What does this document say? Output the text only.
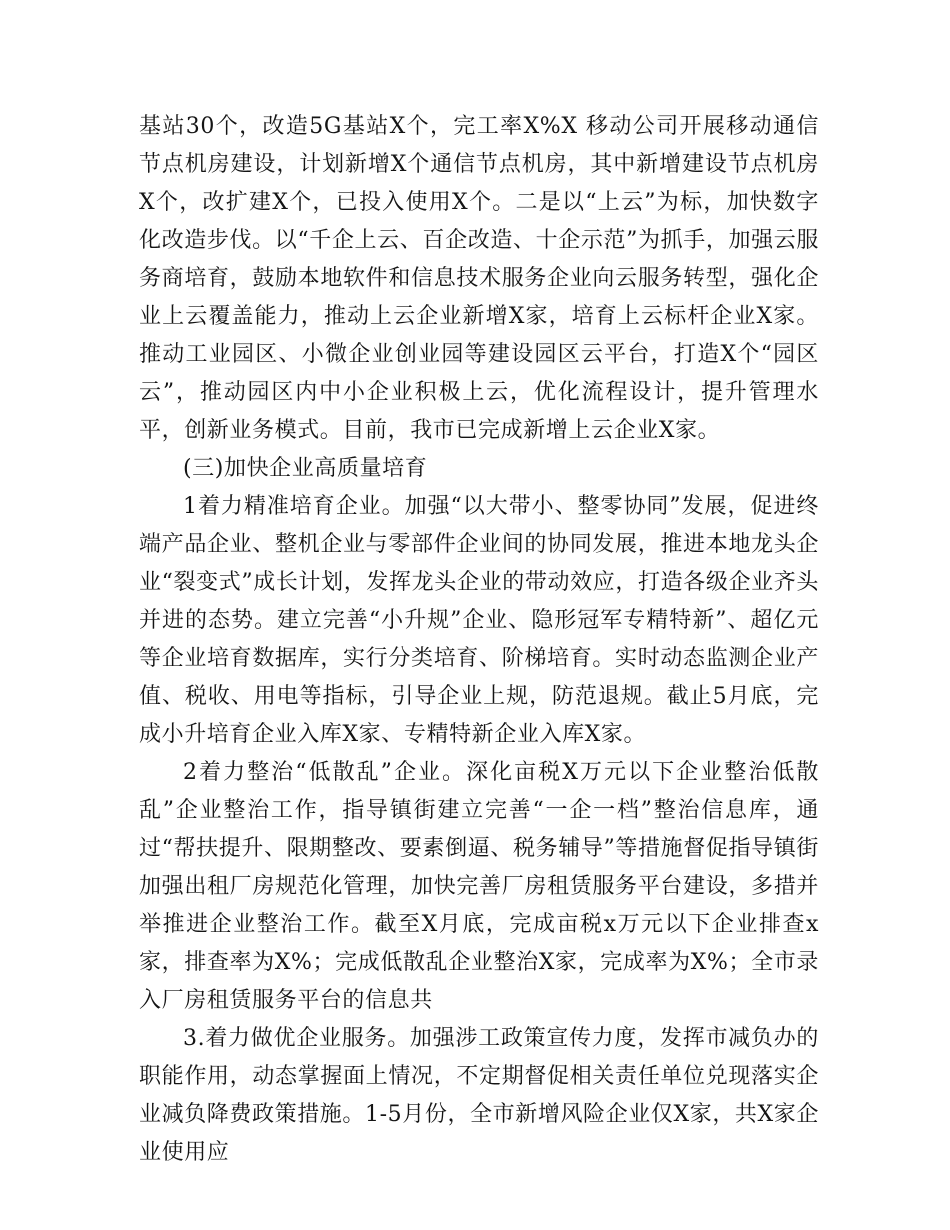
基站30个，改造5G基站X个，完工率X%X 移动公司开展移动通信节点机房建设，计划新增X个通信节点机房，其中新增建设节点机房X个，改扩建X个，已投入使用X个。二是以“上云”为标，加快数字化改造步伐。以“千企上云、百企改造、十企示范”为抓手，加强云服务商培育，鼓励本地软件和信息技术服务企业向云服务转型，强化企业上云覆盖能力，推动上云企业新增X家，培育上云标杆企业X家。推动工业园区、小微企业创业园等建设园区云平台，打造X个“园区云”，推动园区内中小企业积极上云，优化流程设计，提升管理水平，创新业务模式。目前，我市已完成新增上云企业X家。

(三)加快企业高质量培育

1着力精准培育企业。加强“以大带小、整零协同”发展，促进终端产品企业、整机企业与零部件企业间的协同发展，推进本地龙头企业“裂变式”成长计划，发挥龙头企业的带动效应，打造各级企业齐头并进的态势。建立完善“小升规”企业、隐形冠军专精特新”、超亿元等企业培育数据库，实行分类培育、阶梯培育。实时动态监测企业产值、税收、用电等指标，引导企业上规，防范退规。截止5月底，完成小升培育企业入库X家、专精特新企业入库X家。

2着力整治“低散乱”企业。深化亩税X万元以下企业整治低散乱”企业整治工作，指导镇街建立完善“一企一档”整治信息库，通过“帮扶提升、限期整改、要素倒逼、税务辅导”等措施督促指导镇街加强出租厂房规范化管理，加快完善厂房租赁服务平台建设，多措并举推进企业整治工作。截至X月底，完成亩税x万元以下企业排查x家，排查率为X%；完成低散乱企业整治X家，完成率为X%；全市录入厂房租赁服务平台的信息共

3.着力做优企业服务。加强涉工政策宣传力度，发挥市减负办的职能作用，动态掌握面上情况，不定期督促相关责任单位兑现落实企业减负降费政策措施。1-5月份，全市新增风险企业仅X家，共X家企业使用应
